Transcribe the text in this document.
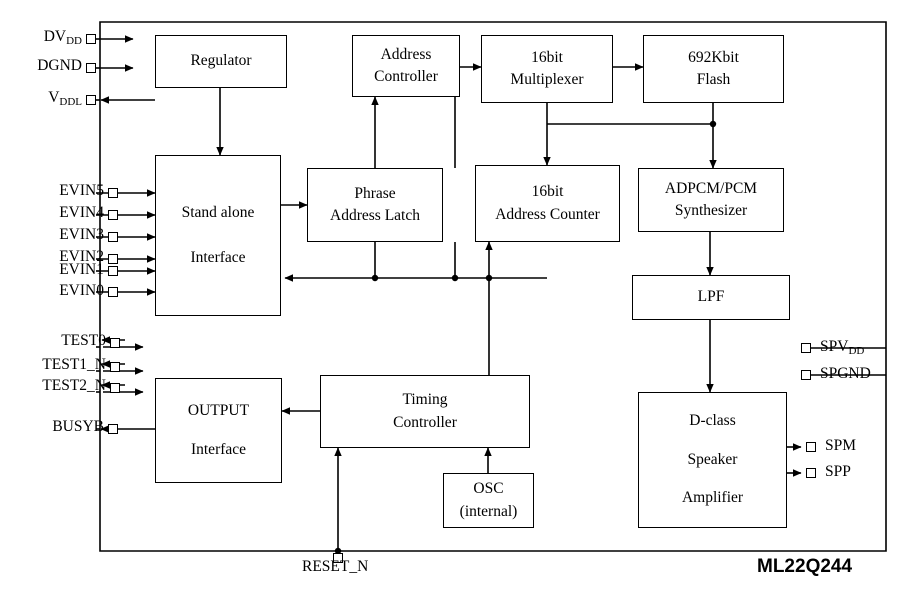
Regulator	Address
Controller
16bit
Multiplexer
692Kbit
Flash
Stand alone
Interface
Phrase
Address Latch
16bit
Address Counter
ADPCM/PCM
Synthesizer
LPF
OUTPUT
Interface
Timing
Controller
OSC
(internal)
D-class
Speaker
Amplifier
$DV_{DD}$
DGND
$V_{DDL}$
EVIN5
EVIN4
EVIN3
EVIN2
EVIN1
EVIN0
TEST0
TEST1_N
TEST2_N
BUSYB
$SPV_{DD}$
SPGND
SPM
SPP
RESET_N	ML22Q244
